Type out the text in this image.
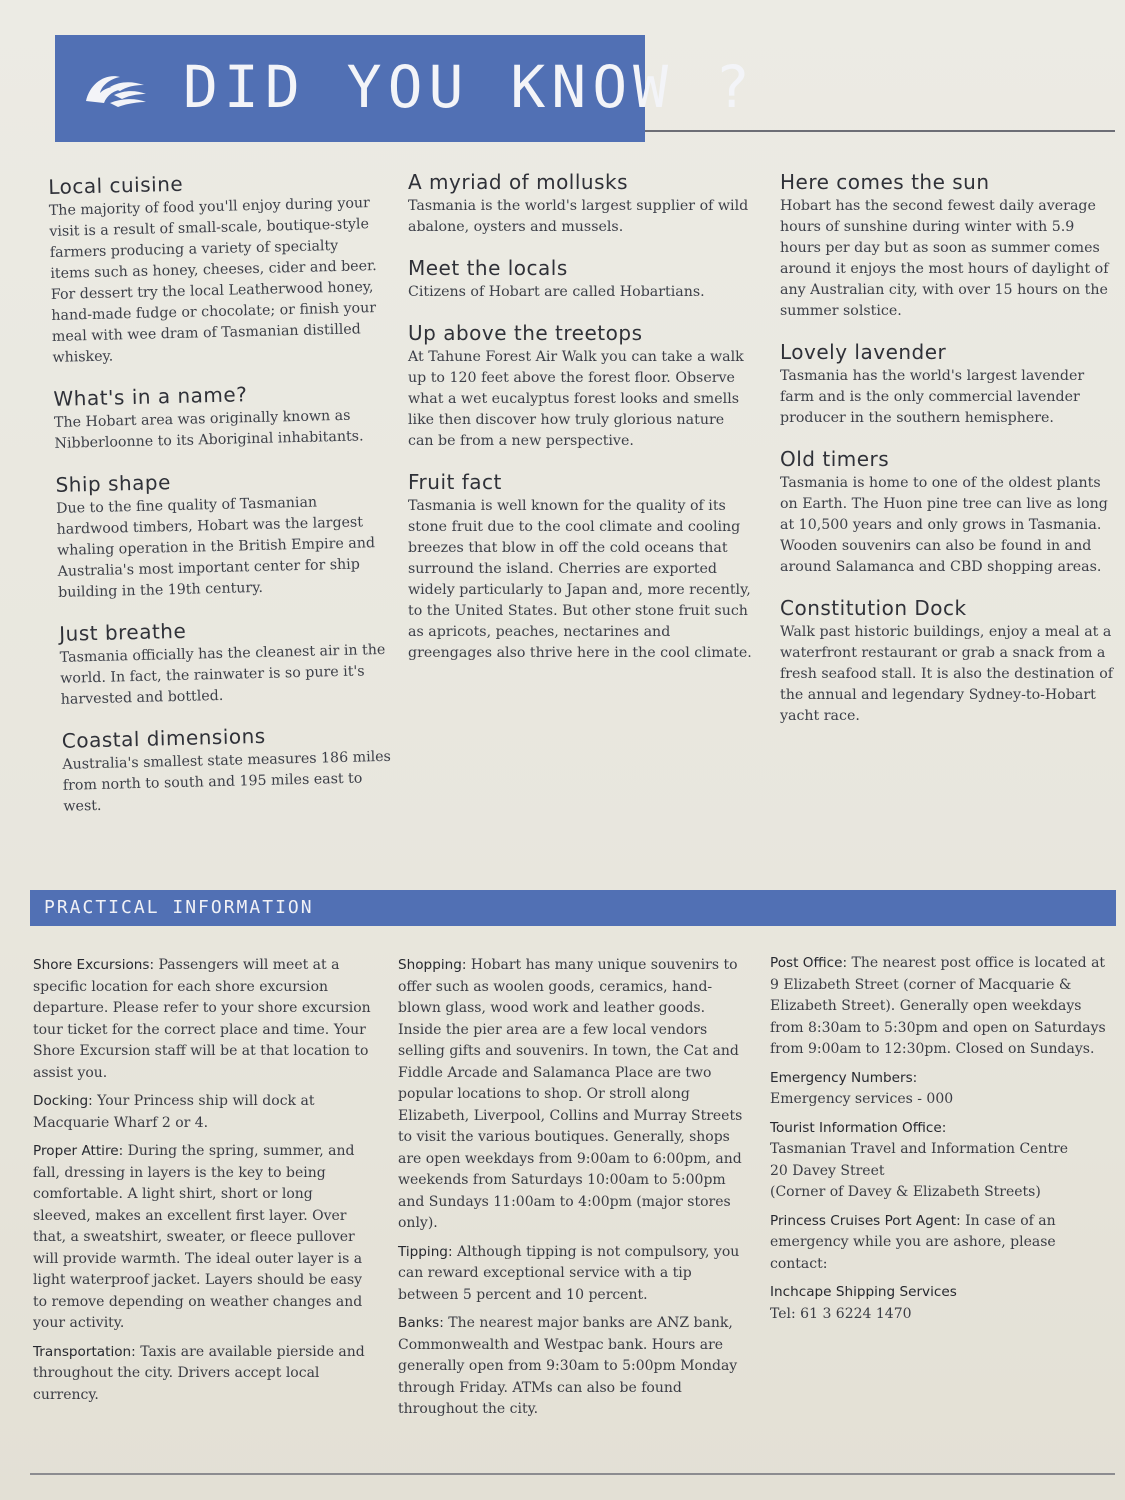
DID YOU KNOW ?
Local cuisine

The majority of food you'll enjoy during your visit is a result of small-scale, boutique-style farmers producing a variety of specialty items such as honey, cheeses, cider and beer. For dessert try the local Leatherwood honey, hand-made fudge or chocolate; or finish your meal with wee dram of Tasmanian distilled whiskey.

What's in a name?

The Hobart area was originally known as Nibberloonne to its Aboriginal inhabitants.

Ship shape

Due to the fine quality of Tasmanian hardwood timbers, Hobart was the largest whaling operation in the British Empire and Australia's most important center for ship building in the 19th century.

Just breathe

Tasmania officially has the cleanest air in the world. In fact, the rainwater is so pure it's harvested and bottled.

Coastal dimensions

Australia's smallest state measures 186 miles from north to south and 195 miles east to west.

A myriad of mollusks

Tasmania is the world's largest supplier of wild abalone, oysters and mussels.

Meet the locals

Citizens of Hobart are called Hobartians.

Up above the treetops

At Tahune Forest Air Walk you can take a walk up to 120 feet above the forest floor. Observe what a wet eucalyptus forest looks and smells like then discover how truly glorious nature can be from a new perspective.

Fruit fact

Tasmania is well known for the quality of its stone fruit due to the cool climate and cooling breezes that blow in off the cold oceans that surround the island. Cherries are exported widely particularly to Japan and, more recently, to the United States. But other stone fruit such as apricots, peaches, nectarines and greengages also thrive here in the cool climate.

Here comes the sun

Hobart has the second fewest daily average hours of sunshine during winter with 5.9 hours per day but as soon as summer comes around it enjoys the most hours of daylight of any Australian city, with over 15 hours on the summer solstice.

Lovely lavender

Tasmania has the world's largest lavender farm and is the only commercial lavender producer in the southern hemisphere.

Old timers

Tasmania is home to one of the oldest plants on Earth. The Huon pine tree can live as long at 10,500 years and only grows in Tasmania. Wooden souvenirs can also be found in and around Salamanca and CBD shopping areas.

Constitution Dock

Walk past historic buildings, enjoy a meal at a waterfront restaurant or grab a snack from a fresh seafood stall. It is also the destination of the annual and legendary Sydney-to-Hobart yacht race.

PRACTICAL INFORMATION

Shore Excursions: Passengers will meet at a specific location for each shore excursion departure. Please refer to your shore excursion tour ticket for the correct place and time. Your Shore Excursion staff will be at that location to assist you.

Docking: Your Princess ship will dock at Macquarie Wharf 2 or 4.

Proper Attire: During the spring, summer, and fall, dressing in layers is the key to being comfortable. A light shirt, short or long sleeved, makes an excellent first layer. Over that, a sweatshirt, sweater, or fleece pullover will provide warmth. The ideal outer layer is a light waterproof jacket. Layers should be easy to remove depending on weather changes and your activity.

Transportation: Taxis are available pierside and throughout the city. Drivers accept local currency.

Shopping: Hobart has many unique souvenirs to offer such as woolen goods, ceramics, hand-blown glass, wood work and leather goods. Inside the pier area are a few local vendors selling gifts and souvenirs. In town, the Cat and Fiddle Arcade and Salamanca Place are two popular locations to shop. Or stroll along Elizabeth, Liverpool, Collins and Murray Streets to visit the various boutiques. Generally, shops are open weekdays from 9:00am to 6:00pm, and weekends from Saturdays 10:00am to 5:00pm and Sundays 11:00am to 4:00pm (major stores only).

Tipping: Although tipping is not compulsory, you can reward exceptional service with a tip between 5 percent and 10 percent.

Banks: The nearest major banks are ANZ bank, Commonwealth and Westpac bank. Hours are generally open from 9:30am to 5:00pm Monday through Friday. ATMs can also be found throughout the city.

Post Office: The nearest post office is located at 9 Elizabeth Street (corner of Macquarie & Elizabeth Street). Generally open weekdays from 8:30am to 5:30pm and open on Saturdays from 9:00am to 12:30pm. Closed on Sundays.

Emergency Numbers:
Emergency services - 000
Tourist Information Office:
Tasmanian Travel and Information Centre
20 Davey Street
(Corner of Davey & Elizabeth Streets)

Princess Cruises Port Agent: In case of an emergency while you are ashore, please contact:

Inchcape Shipping Services
Tel: 61 3 6224 1470
